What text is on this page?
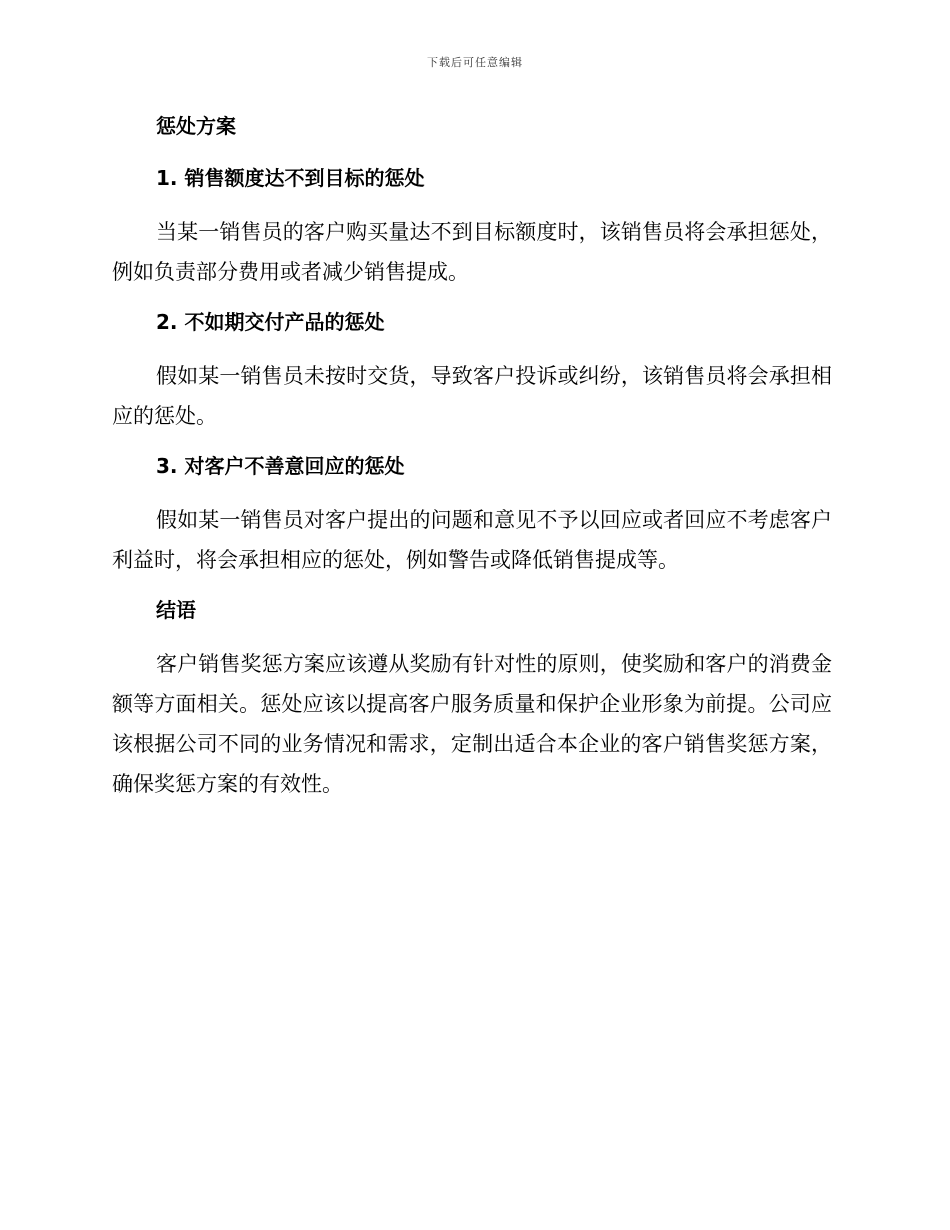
下载后可任意编辑
惩处方案
1. 销售额度达不到目标的惩处

当某一销售员的客户购买量达不到目标额度时，该销售员将会承担惩处，例如负责部分费用或者减少销售提成。

2. 不如期交付产品的惩处

假如某一销售员未按时交货，导致客户投诉或纠纷，该销售员将会承担相应的惩处。

3. 对客户不善意回应的惩处

假如某一销售员对客户提出的问题和意见不予以回应或者回应不考虑客户利益时，将会承担相应的惩处，例如警告或降低销售提成等。

结语

客户销售奖惩方案应该遵从奖励有针对性的原则，使奖励和客户的消费金额等方面相关。惩处应该以提高客户服务质量和保护企业形象为前提。公司应该根据公司不同的业务情况和需求，定制出适合本企业的客户销售奖惩方案，确保奖惩方案的有效性。
